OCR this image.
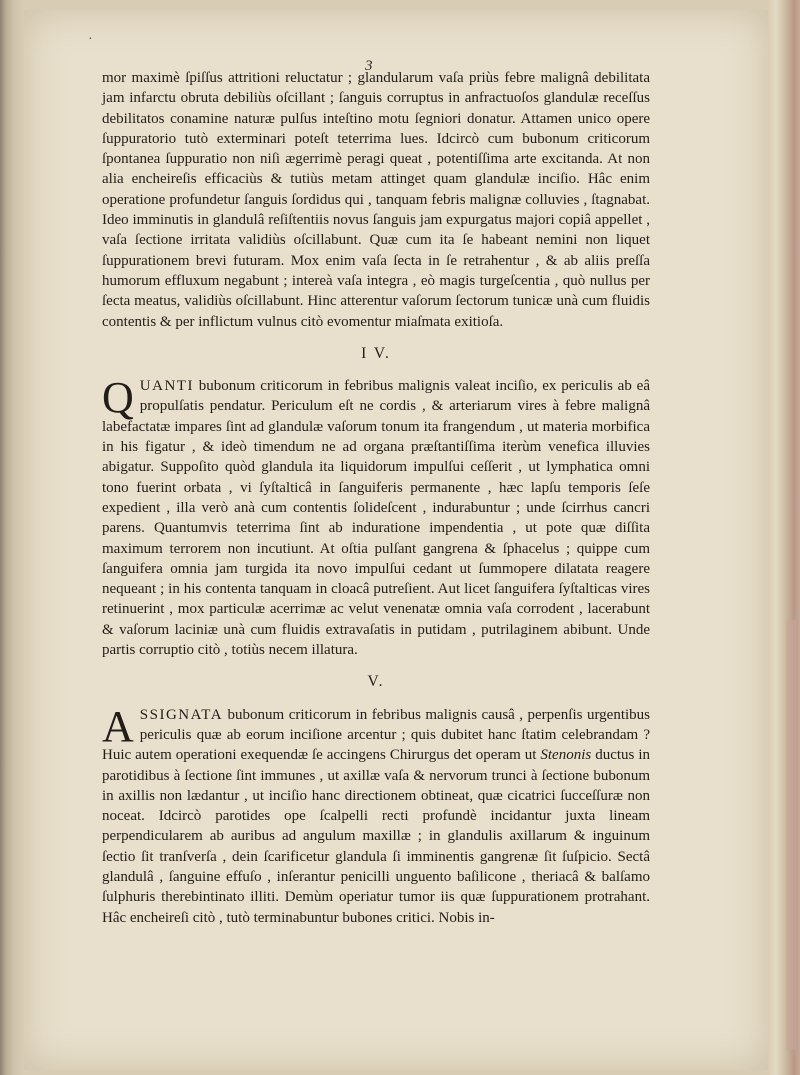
·
3

mor maximè ſpiſſus attritioni reluctatur ; glandularum vaſa priùs febre malignâ debilitata jam infarctu obruta debiliùs oſcillant ; ſanguis corruptus in anfractuoſos glandulæ receſſus debilitatos conamine naturæ pulſus inteſtino motu ſegniori donatur. Attamen unico opere ſuppuratorio tutò exterminari poteſt teterrima lues. Idcircò cum bubonum criticorum ſpontanea ſuppuratio non niſi ægerrimè peragi queat , potentiſſima arte excitanda. At non alia encheireſis efficaciùs & tutiùs metam attinget quam glandulæ inciſio. Hâc enim operatione profundetur ſanguis ſordidus qui , tanquam febris malignæ colluvies , ſtagnabat. Ideo imminutis in glandulâ reſiſtentiis novus ſanguis jam expurgatus majori copiâ appellet , vaſa ſectione irritata validiùs oſcillabunt. Quæ cum ita ſe habeant nemini non liquet ſuppurationem brevi futuram. Mox enim vaſa ſecta in ſe retrahentur , & ab aliis preſſa humorum effluxum negabunt ; intereà vaſa integra , eò magis turgeſcentia , quò nullus per ſecta meatus, validiùs oſcillabunt. Hinc atterentur vaſorum ſectorum tunicæ unà cum fluidis contentis & per inflictum vulnus citò evomentur miaſmata exitioſa.

I V.

QUANTI bubonum criticorum in febribus malignis valeat inciſio, ex periculis ab eâ propulſatis pendatur. Periculum eſt ne cordis , & arteriarum vires à febre malignâ labefactatæ impares ſint ad glandulæ vaſorum tonum ita frangendum , ut materia morbifica in his figatur , & ideò timendum ne ad organa præſtantiſſima iterùm venefica illuvies abigatur. Suppoſito quòd glandula ita liquidorum impulſui ceſſerit , ut lymphatica omni tono fuerint orbata , vi ſyſtalticâ in ſanguiferis permanente , hæc lapſu temporis ſeſe expedient , illa verò anà cum contentis ſolideſcent , indurabuntur ; unde ſcirrhus cancri parens. Quantumvis teterrima ſint ab induratione impendentia , ut pote quæ diſſita maximum terrorem non incutiunt. At oſtia pulſant gangrena & ſphacelus ; quippe cum ſanguifera omnia jam turgida ita novo impulſui cedant ut ſummopere dilatata reagere nequeant ; in his contenta tanquam in cloacâ putreſient. Aut licet ſanguifera ſyſtalticas vires retinuerint , mox particulæ acerrimæ ac velut venenatæ omnia vaſa corrodent , lacerabunt & vaſorum laciniæ unà cum fluidis extravaſatis in putidam , putrilaginem abibunt. Unde partis corruptio citò , totiùs necem illatura.

V.

ASSIGNATA bubonum criticorum in febribus malignis causâ , perpenſis urgentibus periculis quæ ab eorum inciſione arcentur ; quis dubitet hanc ſtatim celebrandam ? Huic autem operationi exequendæ ſe accingens Chirurgus det operam ut Stenonis ductus in parotidibus à ſectione ſint immunes , ut axillæ vaſa & nervorum trunci à ſectione bubonum in axillis non lædantur , ut inciſio hanc directionem obtineat, quæ cicatrici ſucceſſuræ non noceat. Idcircò parotides ope ſcalpelli recti profundè incidantur juxta lineam perpendicularem ab auribus ad angulum maxillæ ; in glandulis axillarum & inguinum ſectio ſit tranſverſa , dein ſcarificetur glandula ſi imminentis gangrenæ ſit ſuſpicio. Sectâ glandulâ , ſanguine effuſo , inſerantur penicilli unguento baſilicone , theriacâ & balſamo ſulphuris therebintinato illiti. Demùm operiatur tumor iis quæ ſuppurationem protrahant. Hâc encheireſi citò , tutò terminabuntur bubones critici. Nobis in-
